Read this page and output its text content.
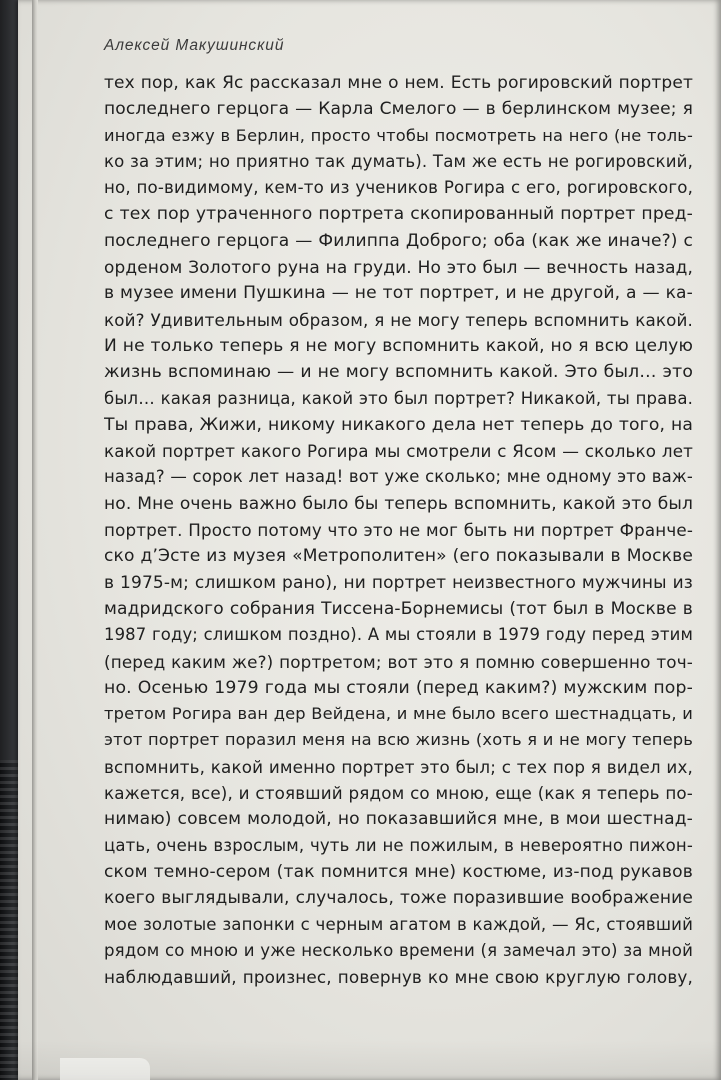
Алексей Макушинский
тех пор, как Яс рассказал мне о нем. Есть рогировский портрет
последнего герцога — Карла Смелого — в берлинском музее; я
иногда езжу в Берлин, просто чтобы посмотреть на него (не толь-
ко за этим; но приятно так думать). Там же есть не рогировский,
но, по-видимому, кем-то из учеников Рогира с его, рогировского,
с тех пор утраченного портрета скопированный портрет пред-
последнего герцога — Филиппа Доброго; оба (как же иначе?) с
орденом Золотого руна на груди. Но это был — вечность назад,
в музее имени Пушкина — не тот портрет, и не другой, а — ка-
кой? Удивительным образом, я не могу теперь вспомнить какой.
И не только теперь я не могу вспомнить какой, но я всю целую
жизнь вспоминаю — и не могу вспомнить какой. Это был… это
был… какая разница, какой это был портрет? Никакой, ты права.
Ты права, Жижи, никому никакого дела нет теперь до того, на
какой портрет какого Рогира мы смотрели с Ясом — сколько лет
назад? — сорок лет назад! вот уже сколько; мне одному это важ-
но. Мне очень важно было бы теперь вспомнить, какой это был
портрет. Просто потому что это не мог быть ни портрет Франче-
ско д’Эсте из музея «Метрополитен» (его показывали в Москве
в 1975-м; слишком рано), ни портрет неизвестного мужчины из
мадридского собрания Тиссена-Борнемисы (тот был в Москве в
1987 году; слишком поздно). А мы стояли в 1979 году перед этим
(перед каким же?) портретом; вот это я помню совершенно точ-
но. Осенью 1979 года мы стояли (перед каким?) мужским пор-
третом Рогира ван дер Вейдена, и мне было всего шестнадцать, и
этот портрет поразил меня на всю жизнь (хоть я и не могу теперь
вспомнить, какой именно портрет это был; с тех пор я видел их,
кажется, все), и стоявший рядом со мною, еще (как я теперь по-
нимаю) совсем молодой, но показавшийся мне, в мои шестнад-
цать, очень взрослым, чуть ли не пожилым, в невероятно пижон-
ском темно-сером (так помнится мне) костюме, из-под рукавов
коего выглядывали, случалось, тоже поразившие воображение
мое золотые запонки с черным агатом в каждой, — Яс, стоявший
рядом со мною и уже несколько времени (я замечал это) за мной
наблюдавший, произнес, повернув ко мне свою круглую голову,
